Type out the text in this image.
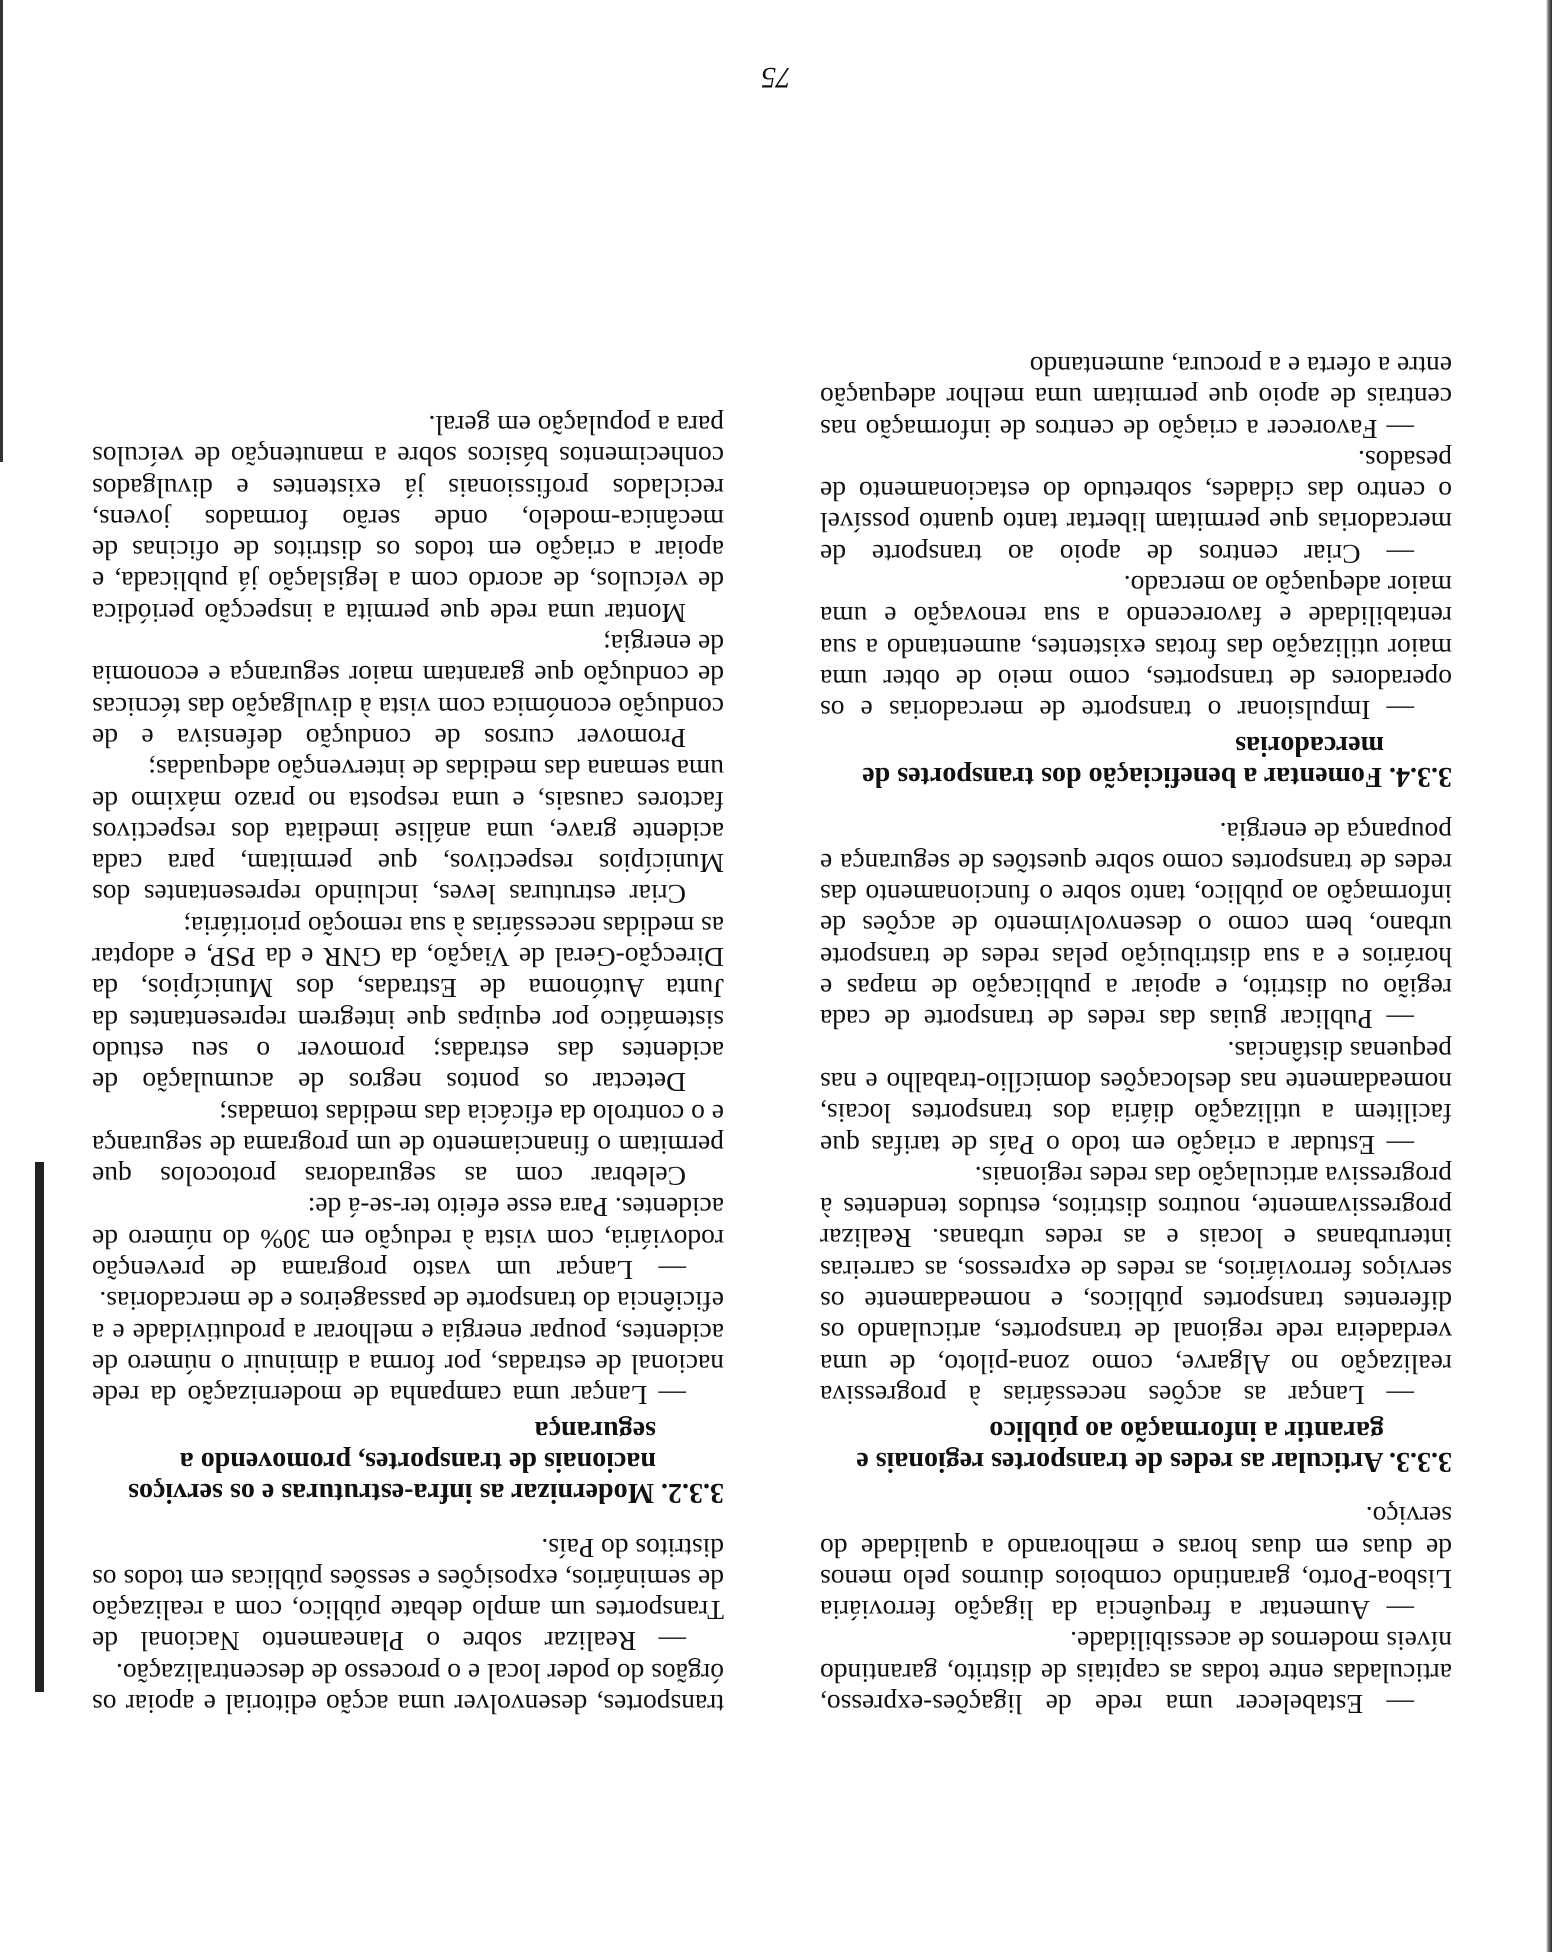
transportes, desenvolver uma acção editorial e apoiar os órgãos do poder local e o processo de descentralização.

— Realizar sobre o Planeamento Nacional de Transportes um amplo debate público, com a realização de seminários, exposições e sessões públicas em todos os distritos do País.

3.3.2. Modernizar as infra-estruturas e os serviços nacionais de transportes, promovendo a segurança

— Lançar uma campanha de modernização da rede nacional de estradas, por forma a diminuir o número de acidentes, poupar energia e melhorar a produtividade e a eficiência do transporte de passageiros e de mercadorias.

— Lançar um vasto programa de prevenção rodoviária, com vista à redução em 30% do número de acidentes. Para esse efeito ter-se-á de:

Celebrar com as seguradoras protocolos que permitam o financiamento de um programa de segurança e o controlo da eficácia das medidas tomadas;

Detectar os pontos negros de acumulação de acidentes das estradas; promover o seu estudo sistemático por equipas que integrem representantes da Junta Autónoma de Estradas, dos Municípios, da Direcção-Geral de Viação, da GNR e da PSP, e adoptar as medidas necessárias à sua remoção prioritária;

Criar estruturas leves, incluindo representantes dos Municípios respectivos, que permitam, para cada acidente grave, uma análise imediata dos respectivos factores causais, e uma resposta no prazo máximo de uma semana das medidas de intervenção adequadas;

Promover cursos de condução defensiva e de condução económica com vista à divulgação das técnicas de condução que garantam maior segurança e economia de energia;

Montar uma rede que permita a inspecção periódica de veículos, de acordo com a legislação já publicada, e apoiar a criação em todos os distritos de oficinas de mecânica-modelo, onde serão formados jovens, reciclados profissionais já existentes e divulgados conhecimentos básicos sobre a manutenção de veículos para a população em geral.

— Estabelecer uma rede de ligações-expresso, articuladas entre todas as capitais de distrito, garantindo níveis modernos de acessibilidade.

— Aumentar a frequência da ligação ferroviária Lisboa-Porto, garantindo comboios diurnos pelo menos de duas em duas horas e melhorando a qualidade do serviço.

3.3.3. Articular as redes de transportes regionais e garantir a informação ao público

— Lançar as acções necessárias à progressiva realização no Algarve, como zona-piloto, de uma verdadeira rede regional de transportes, articulando os diferentes transportes públicos, e nomeadamente os serviços ferroviários, as redes de expressos, as carreiras interurbanas e locais e as redes urbanas. Realizar progressivamente, noutros distritos, estudos tendentes à progressiva articulação das redes regionais.

— Estudar a criação em todo o País de tarifas que facilitem a utilização diária dos transportes locais, nomeadamente nas deslocações domicílio-trabalho e nas pequenas distâncias.

— Publicar guias das redes de transporte de cada região ou distrito, e apoiar a publicação de mapas e horários e a sua distribuição pelas redes de transporte urbano, bem como o desenvolvimento de acções de informação ao público, tanto sobre o funcionamento das redes de transportes como sobre questões de segurança e poupança de energia.

3.3.4. Fomentar a beneficiação dos transportes de mercadorias

— Impulsionar o transporte de mercadorias e os operadores de transportes, como meio de obter uma maior utilização das frotas existentes, aumentando a sua rentabilidade e favorecendo a sua renovação e uma maior adequação ao mercado.

— Criar centros de apoio ao transporte de mercadorias que permitam libertar tanto quanto possível o centro das cidades, sobretudo do estacionamento de pesados.

— Favorecer a criação de centros de informação nas centrais de apoio que permitam uma melhor adequação entre a oferta e a procura, aumentando

75
